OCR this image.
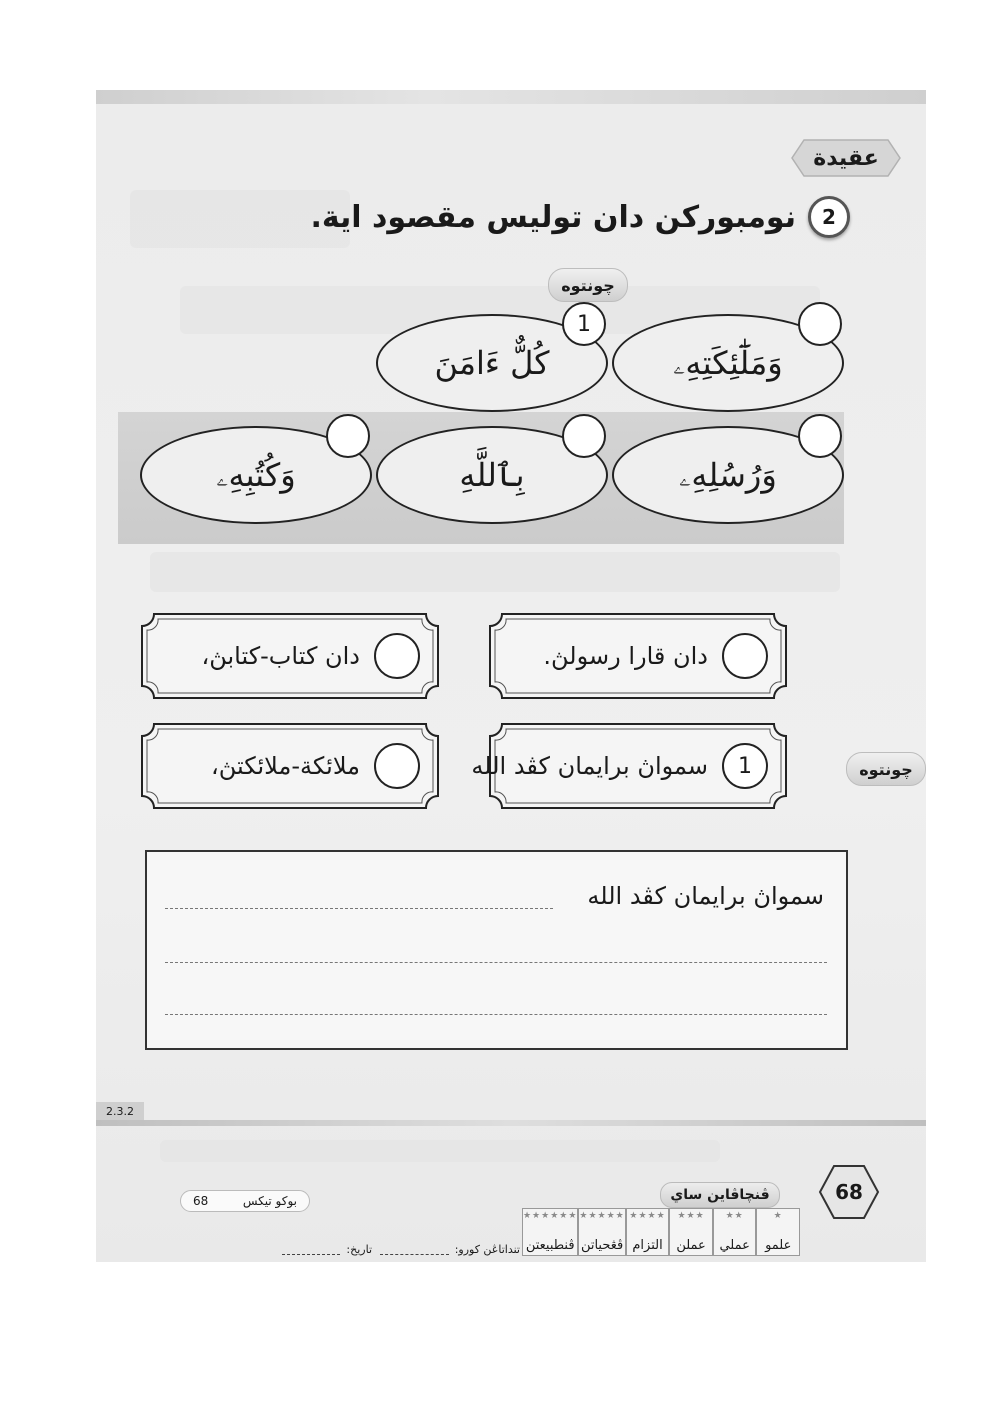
عقيدة
2
نومبورکن دان توليس مقصود اية.
چونتوه
وَمَلَٰٓئِكَتِهِۦ
كُلٌّ ءَامَنَ
1
وَرُسُلِهِۦ
بِٱللَّهِ
وَكُتُبِهِۦ
دان قارا رسولڽ.
دان کتاب-کتابڽ،
1
سمواڽ برايمان کڤد الله
ملائکة-ملائکتڽ،	چونتوه
سمواڽ برايمان کڤد الله
2.3.2
68
ڤنچاڤاين ساي
★
علمو
★★
عملي
★★★
عملن
★★★★
التزام
★★★★★
ڤڠحياتن
★★★★★★
ڤنطبيعتن
بوکو تيکس
68
تنداتاڠن کورو:
تاريخ:
